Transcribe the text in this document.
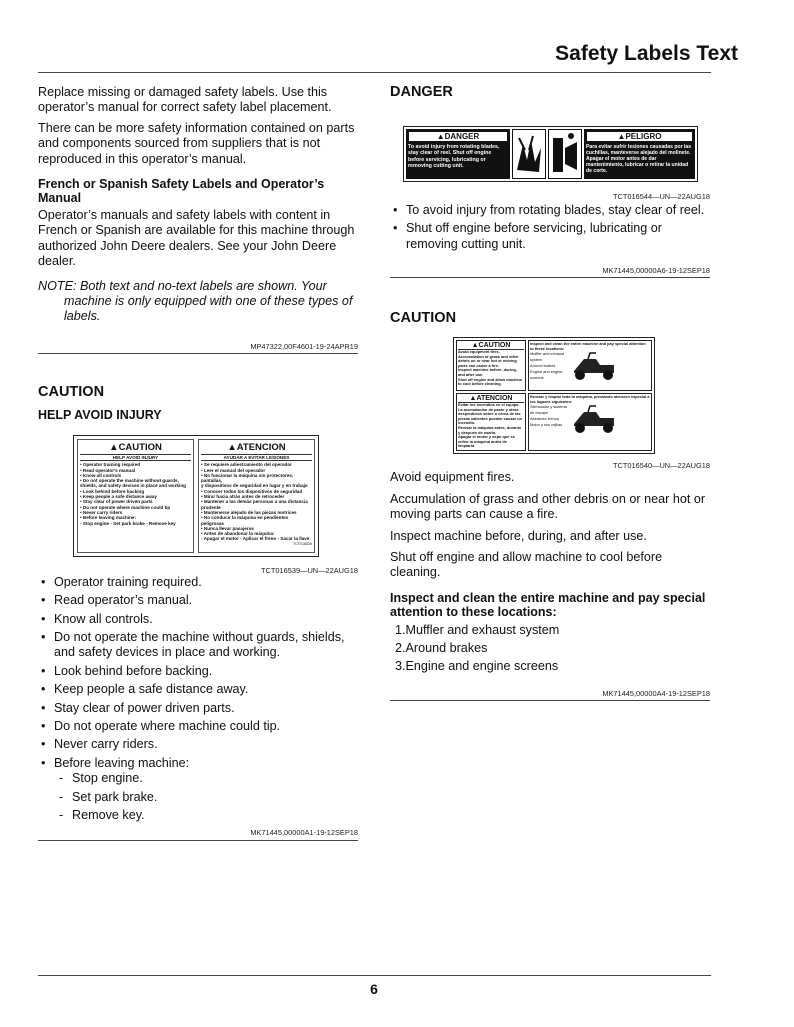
Safety Labels Text

Replace missing or damaged safety labels. Use this operator’s manual for correct safety label placement.

There can be more safety information contained on parts and components sourced from suppliers that is not reproduced in this operator’s manual.

French or Spanish Safety Labels and Operator’s Manual

Operator’s manuals and safety labels with content in French or Spanish are available for this machine through authorized John Deere dealers. See your John Deere dealer.

NOTE: Both text and no-text labels are shown. Your
machine is only equipped with one of these types of labels.
MP47322,00F4601-19-24APR19
CAUTION
HELP AVOID INJURY
▲CAUTION
HELP AVOID INJURY
• Operator training required
• Read operator's manual
• Know all controls
• Do not operate the machine without guards,
shields, and safety devices in place and working
• Look behind before backing
• Keep people a safe distance away
• Stay clear of power driven parts
• Do not operate where machine could tip
• Never carry riders
• Before leaving machine:
- Stop engine - Set park brake - Remove key
▲ATENCION
AYUDAR A EVITAR LESIONES
• Se requiere adiestramiento del operador
• Leer el manual del operador
• No funcionar la máquina sin protectores, pantallas,
y dispositivos de seguridad en lugar y en trabajo
• Conocer todos los dispositivos de seguridad
• Mirar hacia atrás antes de retroceder
• Mantener a las demás personas a una distancia prudente
• Mantenerse alejado de las piezas motrices
• No conducir la máquina en pendientes peligrosas
• Nunca llevar pasajeros
• Antes de abandonar la máquina:
- Apagar el motor - Aplicar el freno - Sacar la llave
TCT016539
TCT016539—UN—22AUG18
• Operator training required.
• Read operator’s manual.
• Know all controls.
• Do not operate the machine without guards, shields, and safety devices in place and working.
• Look behind before backing.
• Keep people a safe distance away.
• Stay clear of power driven parts.
• Do not operate where machine could tip.
• Never carry riders.
• Before leaving machine:
- Stop engine.
- Set park brake.
- Remove key.
MK71445,00000A1-19-12SEP18
DANGER
▲DANGER
To avoid injury from rotating blades, stay clear of reel. Shut off engine before servicing, lubricating or removing cutting unit.
▲PELIGRO
Para evitar sufrir lesiones causadas por las cuchillas, manteverse alejado del molinete. Apagar el motor antes de dar mantenimiento, lubricar o retirar la unidad de corte.
TCT016544—UN—22AUG18
• To avoid injury from rotating blades, stay clear of reel.
• Shut off engine before servicing, lubricating or removing cutting unit.
MK71445,00000A6-19-12SEP18
CAUTION
▲CAUTION
Avoid equipment fires.
Accumulation of grass and other debris on or near hot or moving parts can cause a fire.
Inspect machine before, during, and after use.
Shut off engine and allow machine to cool before cleaning.
Inspect and clean the entire machine and pay special attention to these locations:
Muffler and exhaust system
Around brakes
Engine and engine screens
▲ATENCION
Evitar los incendios en el equipo.
La acumulación de pasto y otros desperdicios sobre o cerca de las piezas calientes pueden causar un incendio.
Revisar la máquina antes, durante y después de usarla.
Apagar el motor y dejar que se enfríe la máquina antes de limpiarla.
Revisar y limpiar toda la máquina, prestando atención especial a los lugares siguientes:
Silenciador y sistema de escape
Alrededor frenos
Motor y sus rejillas
TCT016540—UN—22AUG18

Avoid equipment fires.

Accumulation of grass and other debris on or near hot or moving parts can cause a fire.

Inspect machine before, during, and after use.

Shut off engine and allow machine to cool before cleaning.

Inspect and clean the entire machine and pay special attention to these locations:
1.Muffler and exhaust system
2.Around brakes
3.Engine and engine screens
MK71445,00000A4-19-12SEP18
6
